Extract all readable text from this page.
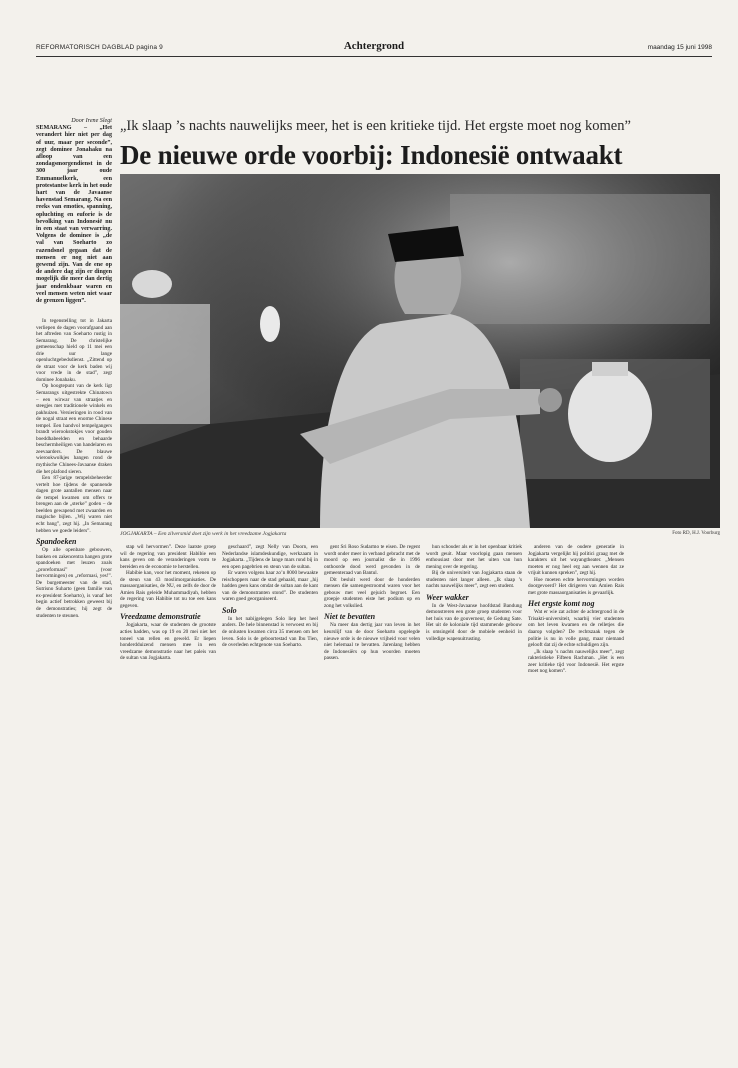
REFORMATORISCH DAGBLAD pagina 9	Achtergrond	maandag 15 juni 1998
„Ik slaap ’s nachts nauwelijks meer, het is een kritieke tijd. Het ergste moet nog komen”
De nieuwe orde voorbij: Indonesië ontwaakt
Door Irene Slegt
SEMARANG – „Het verandert hier niet per dag of uur, maar per seconde”, zegt dominee Jonahaku na afloop van een zondagsmorgendienst in de 300 jaar oude Emmanuelkerk, een protestantse kerk in het oude hart van de Javaanse havenstad Semarang. Na een reeks van emoties, spanning, opluchting en euforie is de bevolking van Indonesië nu in een staat van verwarring. Volgens de dominee is „de val van Soeharto zo razendsnel gegaan dat de mensen er nog niet aan gewend zijn. Van de ene op de andere dag zijn er dingen mogelijk die meer dan dertig jaar ondenkbaar waren en veel mensen weten niet waar de grenzen liggen”.

In tegenstelling tot in Jakarta verliepen de dagen voorafgaand aan het aftreden van Soeharto rustig in Semarang. De christelijke gemeenschap hield op 11 mei een drie uur lange openluchtgebedsdienst. „Zittend op de straat voor de kerk baden wij voor vrede in de stad”, zegt dominee Jonahaku.

Op hoogtepunt van de kerk ligt Semarangs uitgestrekte Chinatown – een wirwar van straatjes en steegjes met traditionele winkels en pakhuizen. Versieringen in rood van de nogal straat een enorme Chinese tempel. Een handvol tempelgangers brandt wierookstokjes voor gouden boeddhabeelden en behaarde beschermheiligen van handelaren en zeevaarders. De blauwe wierookwolkjes hangen rond de mythische Chinees-Javaanse draken die het plafond sieren.

Een 87-jarige tempelsbeheerder vertelt hoe tijdens de spannende dagen grote aantallen mensen naar de tempel kwamen om offers te brengen aan de „sterke” goden – de beelden gewapend met zwaarden en magische bijlen. „Wij waren niet echt bang”, zegt hij. „In Semarang hebben we goede leiders”.

Spandoeken

Op alle openbare gebouwen, banken en zakencentra hangen grote spandoeken met leuzen zoals „proreformasi” (voor hervormingen) en „reformasi, yes!”. De burgemeester van de stad, Sutrisno Suharto (geen familie van ex-president Soeharto), is vanaf het begin actief betrokken geweest bij de demonstraties; hij zegt de studenten te steunen.

JOGJAKARTA – Een zilversmid doet zijn werk in het vreedzame Jogjakarta	Foto RD, H.J. Voorburg

stap wil hervormen”. Deze laatste groep wil de regering van president Habibie een kans geven om de veranderingen vorm te bereiden en de economie te herstellen.

Habibie kan, voor het moment, rekenen op de steun van 43 moslimorganisaties. De massaorganisaties, de NU, en zelfs de door de Amien Rais geleide Muhammadiyah, hebben de regering van Habibie tot nu toe een kans gegeven.

Vreedzame demonstratie

Jogjakarta, waar de studenten de grootste acties hadden, was op 19 en 20 mei niet het toneel van rellen en geweld. Er liepen honderdduizend mensen mee in een vreedzame demonstratie naar het paleis van de sultan van Jogjakarta.

geschaard”, zegt Nelly van Doorn, een Nederlandse islamdeskundige, werkzaam in Jogjakarta. „Tijdens de lange mars rond bij in een open pagebrien en steun van de sultan.

Er waren volgens haar zo’n 8000 bewaakte reischoppers naar de stad gehaald, maar „hij hadden geen kans omdat de sultan aan de kant van de demonstranten stond”. De studenten waren goed georganiseerd.

Solo

In het nabijgelegen Solo liep het heel anders. De hele binnenstad is verwoest en bij de onlusten kwamen circa 35 mensen om het leven. Solo is de geboortestad van Ibu Tien, de overleden echtgenote van Soeharto.

gent Sri Roso Sudarmo te eisen. De regent wordt onder meer in verband gebracht met de moord op een journalist die in 1996 onthoorde dood werd gevonden in de gemeenteraad van Bantul.

Dit besluit werd door de honderden mensen die samengestroomd waren voor het gebouw met veel gejuich begroet. Een groepje studenten eiste het podium op en zong het volkslied.

Niet te bevatten

Na meer dan dertig jaar van leven in het keurslijf van de door Soeharto opgelegde nieuwe orde is de nieuwe vrijheid voor velen niet helemaal te bevatten. Jarenlang hebben de Indonesiërs op hun woorden moeten passen.

hun schouder als er in het openbaar kritiek wordt geuit. Maar voorlopig gaan mensen enthousiast door met het uiten van hun mening over de regering.

Bij de universiteit van Jogjakarta staan de studenten niet langer alleen. „Ik slaap ’s nachts nauwelijks meer”, zegt een student.

Weer wakker

In de West-Javaanse hoofdstad Bandung demonstreren een grote groep studenten voor het huis van de gouverneur, de Gedung Sate. Het uit de koloniale tijd stammende gebouw is omsingeld door de mobiele eenheid in volledige wapenuitrusting.

anderen van de oudere generatie in Jogjakarta vergelijkt hij politici graag met de karakters uit het wayangtheater. „Mensen moeten er nog heel erg aan wennen dat ze vrijuit kunnen spreken”, zegt hij.

Hoe moeten echte hervormingen worden doorgevoerd? Het dirigeren van Amien Rais met grote massaorganisaties is gevaarlijk.

Het ergste komt nog

Wat er wie zat achter de achtergrond in de Trisakti-universiteit, waarbij vier studenten om het leven kwamen en de relletjes die daarop volgden? De rechtszaak tegen de politie is nu in volle gang, maar niemand gelooft dat zij de echte schuldigen zijn.

„Ik slaap ’s nachts nauwelijks meer”, zegt rakteristieke Fifteen Rachman. „Het is een zeer kritieke tijd voor Indonesië. Het ergste moet nog komen”.
